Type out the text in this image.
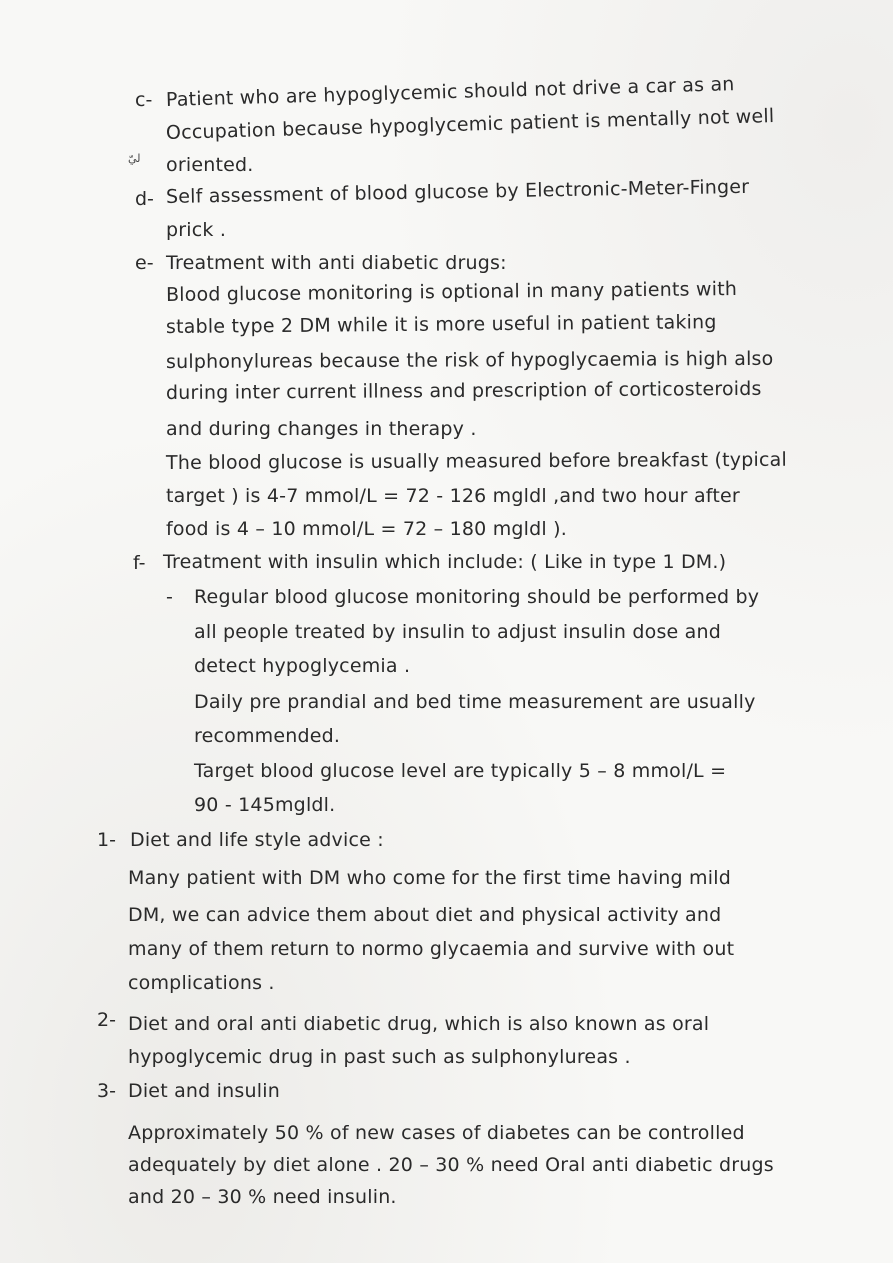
c- Patient who are hypoglycemic should not drive a car as an
Occupation because hypoglycemic patient is mentally not well
ليّ oriented.
d- Self assessment of blood glucose by Electronic-Meter-Finger
prick .
e- Treatment with anti diabetic drugs:
Blood glucose monitoring is optional in many patients with
stable type 2 DM while it is more useful in patient taking
sulphonylureas because the risk of hypoglycaemia is high also
during inter current illness and prescription of corticosteroids
and during changes in therapy .
The blood glucose is usually measured before breakfast (typical
target ) is 4-7 mmol/L = 72 - 126 mgldl ,and two hour after
food is 4 – 10 mmol/L = 72 – 180 mgldl ).
f- Treatment with insulin which include: ( Like in type 1 DM.)
- Regular blood glucose monitoring should be performed by
all people treated by insulin to adjust insulin dose and
detect hypoglycemia .
Daily pre prandial and bed time measurement are usually
recommended.
Target blood glucose level are typically 5 – 8 mmol/L =
90 - 145mgldl.
1- Diet and life style advice :
Many patient with DM who come for the first time having mild
DM, we can advice them about diet and physical activity and
many of them return to normo glycaemia and survive with out
complications .
2- Diet and oral anti diabetic drug, which is also known as oral
hypoglycemic drug in past such as sulphonylureas .
3- Diet and insulin
Approximately 50 % of new cases of diabetes can be controlled
adequately by diet alone . 20 – 30 % need Oral anti diabetic drugs
and 20 – 30 % need insulin.
